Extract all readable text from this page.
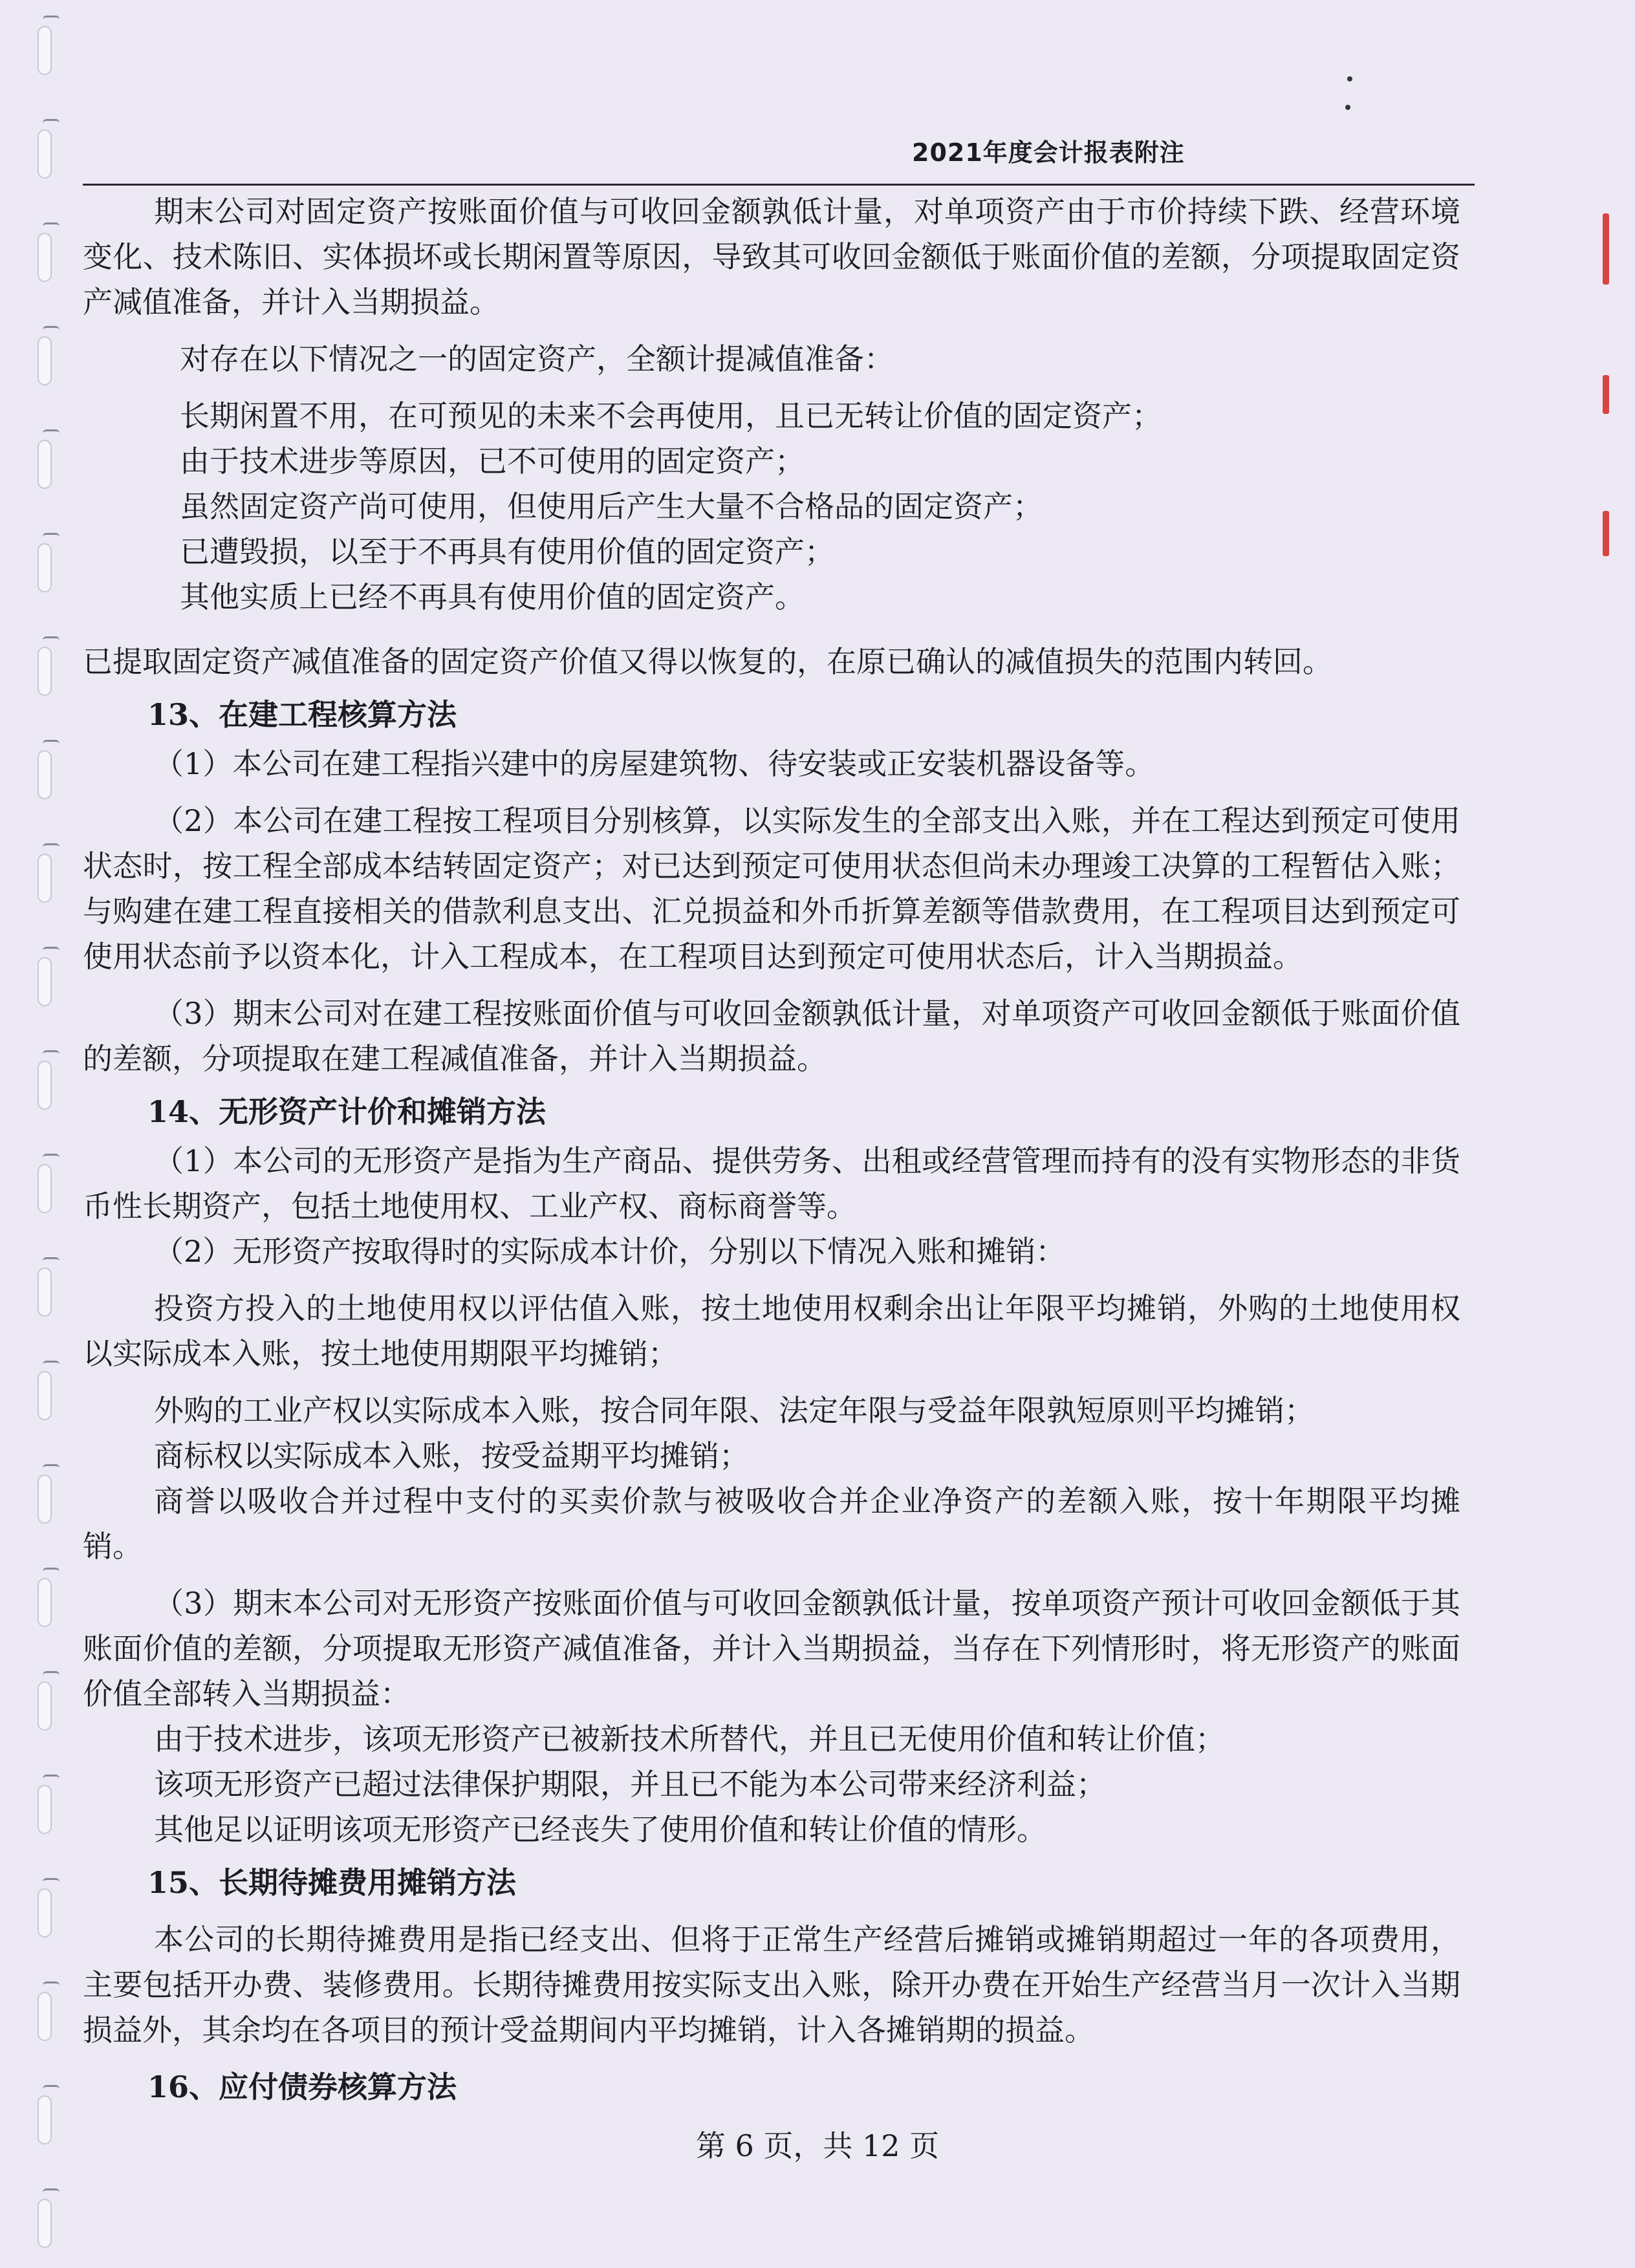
2021年度会计报表附注

期末公司对固定资产按账面价值与可收回金额孰低计量，对单项资产由于市价持续下跌、经营环境变化、技术陈旧、实体损坏或长期闲置等原因，导致其可收回金额低于账面价值的差额，分项提取固定资产减值准备，并计入当期损益。

对存在以下情况之一的固定资产，全额计提减值准备：

长期闲置不用，在可预见的未来不会再使用，且已无转让价值的固定资产；

由于技术进步等原因，已不可使用的固定资产；

虽然固定资产尚可使用，但使用后产生大量不合格品的固定资产；

已遭毁损，以至于不再具有使用价值的固定资产；

其他实质上已经不再具有使用价值的固定资产。

已提取固定资产减值准备的固定资产价值又得以恢复的，在原已确认的减值损失的范围内转回。

13、在建工程核算方法

（1）本公司在建工程指兴建中的房屋建筑物、待安装或正安装机器设备等。

（2）本公司在建工程按工程项目分别核算，以实际发生的全部支出入账，并在工程达到预定可使用状态时，按工程全部成本结转固定资产；对已达到预定可使用状态但尚未办理竣工决算的工程暂估入账；与购建在建工程直接相关的借款利息支出、汇兑损益和外币折算差额等借款费用，在工程项目达到预定可使用状态前予以资本化，计入工程成本，在工程项目达到预定可使用状态后，计入当期损益。

（3）期末公司对在建工程按账面价值与可收回金额孰低计量，对单项资产可收回金额低于账面价值的差额，分项提取在建工程减值准备，并计入当期损益。

14、无形资产计价和摊销方法

（1）本公司的无形资产是指为生产商品、提供劳务、出租或经营管理而持有的没有实物形态的非货币性长期资产，包括土地使用权、工业产权、商标商誉等。

（2）无形资产按取得时的实际成本计价，分别以下情况入账和摊销：

投资方投入的土地使用权以评估值入账，按土地使用权剩余出让年限平均摊销，外购的土地使用权以实际成本入账，按土地使用期限平均摊销；

外购的工业产权以实际成本入账，按合同年限、法定年限与受益年限孰短原则平均摊销；

商标权以实际成本入账，按受益期平均摊销；

商誉以吸收合并过程中支付的买卖价款与被吸收合并企业净资产的差额入账，按十年期限平均摊销。

（3）期末本公司对无形资产按账面价值与可收回金额孰低计量，按单项资产预计可收回金额低于其账面价值的差额，分项提取无形资产减值准备，并计入当期损益，当存在下列情形时，将无形资产的账面价值全部转入当期损益：

由于技术进步，该项无形资产已被新技术所替代，并且已无使用价值和转让价值；

该项无形资产已超过法律保护期限，并且已不能为本公司带来经济利益；

其他足以证明该项无形资产已经丧失了使用价值和转让价值的情形。

15、长期待摊费用摊销方法

本公司的长期待摊费用是指已经支出、但将于正常生产经营后摊销或摊销期超过一年的各项费用，主要包括开办费、装修费用。长期待摊费用按实际支出入账，除开办费在开始生产经营当月一次计入当期损益外，其余均在各项目的预计受益期间内平均摊销，计入各摊销期的损益。

16、应付债券核算方法

第 6 页，共 12 页
